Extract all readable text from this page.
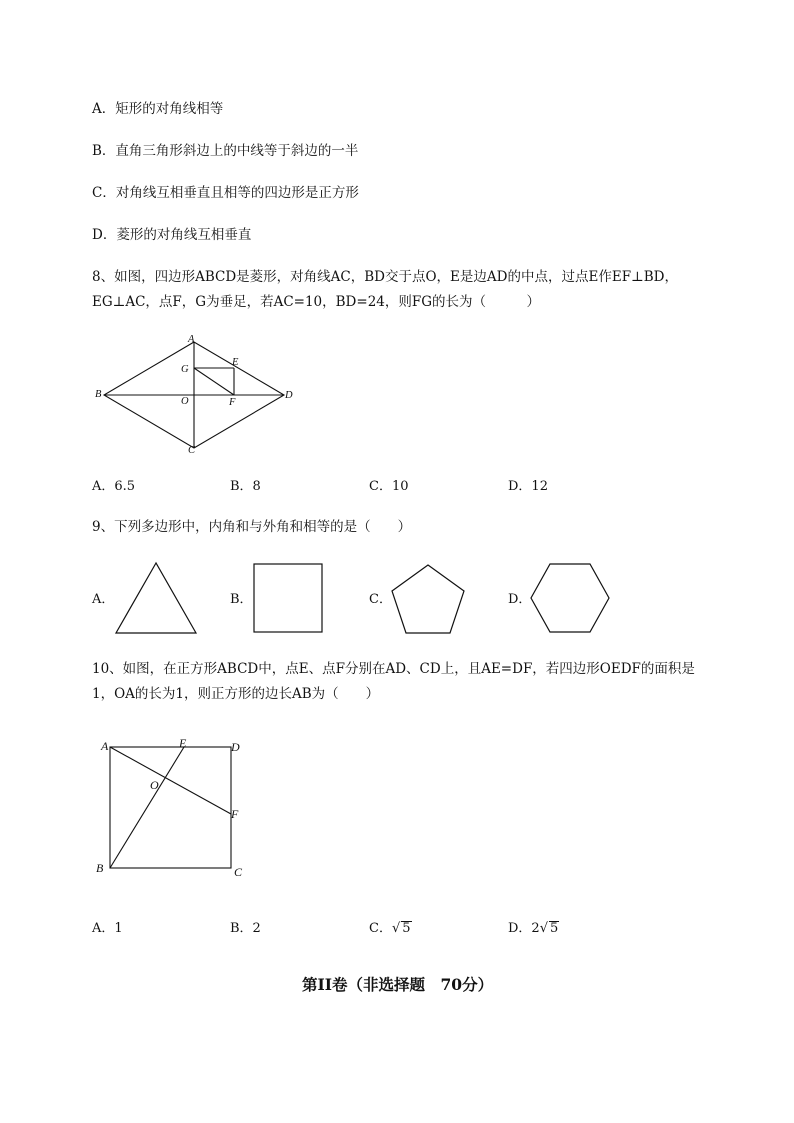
A．矩形的对角线相等
B．直角三角形斜边上的中线等于斜边的一半
C．对角线互相垂直且相等的四边形是正方形
D．菱形的对角线互相垂直
8、如图，四边形ABCD是菱形，对角线AC，BD交于点O，E是边AD的中点，过点E作EF⊥BD，
EG⊥AC，点F，G为垂足，若AC=10，BD=24，则FG的长为（　　　）
A
E
G
B
O	F
D
C
A．6.5	B．8	C．10	D．12
9、下列多边形中，内角和与外角和相等的是（　　）
A．	B．	C．	D．
10、如图，在正方形ABCD中，点E、点F分别在AD、CD上，且AE=DF，若四边形OEDF的面积是
1，OA的长为1，则正方形的边长AB为（　　）
A	E	D
O
F
B	C
A．1	B．2	C．√ 5	D．2√ 5
第II卷（非选择题　70分）
